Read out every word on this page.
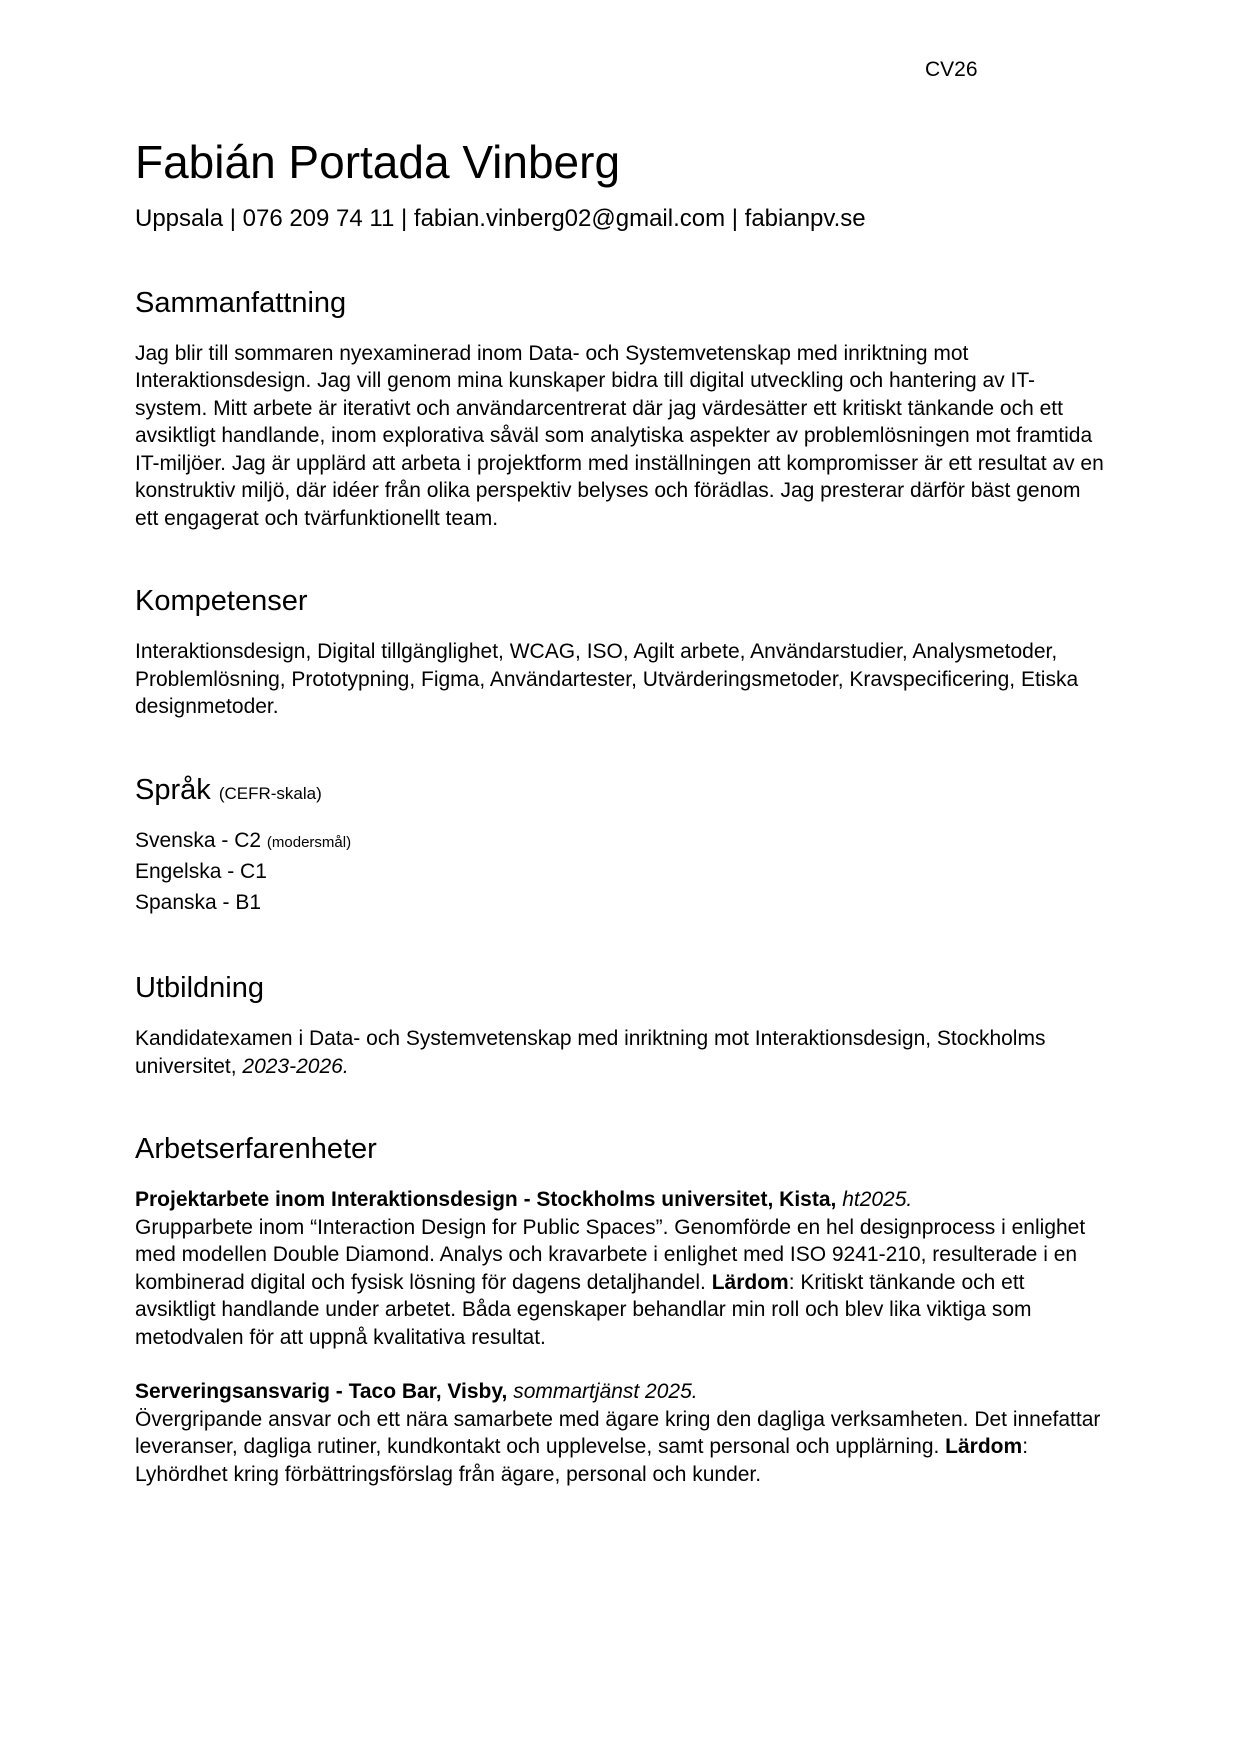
CV26
Fabián Portada Vinberg

Uppsala | 076 209 74 11 | fabian.vinberg02@gmail.com | fabianpv.se

Sammanfattning

Jag blir till sommaren nyexaminerad inom Data- och Systemvetenskap med inriktning mot Interaktionsdesign. Jag vill genom mina kunskaper bidra till digital utveckling och hantering av IT-system. Mitt arbete är iterativt och användarcentrerat där jag värdesätter ett kritiskt tänkande och ett avsiktligt handlande, inom explorativa såväl som analytiska aspekter av problemlösningen mot framtida IT-miljöer. Jag är upplärd att arbeta i projektform med inställningen att kompromisser är ett resultat av en konstruktiv miljö, där idéer från olika perspektiv belyses och förädlas. Jag presterar därför bäst genom ett engagerat och tvärfunktionellt team.

Kompetenser

Interaktionsdesign, Digital tillgänglighet, WCAG, ISO, Agilt arbete, Användarstudier, Analysmetoder, Problemlösning, Prototypning, Figma, Användartester, Utvärderingsmetoder, Kravspecificering, Etiska designmetoder.

Språk (CEFR-skala)

Svenska - C2 (modersmål)

Engelska - C1

Spanska - B1

Utbildning

Kandidatexamen i Data- och Systemvetenskap med inriktning mot Interaktionsdesign, Stockholms universitet, 2023-2026.

Arbetserfarenheter

Projektarbete inom Interaktionsdesign - Stockholms universitet, Kista, ht2025.

Grupparbete inom “Interaction Design for Public Spaces”. Genomförde en hel designprocess i enlighet med modellen Double Diamond. Analys och kravarbete i enlighet med ISO 9241-210, resulterade i en kombinerad digital och fysisk lösning för dagens detaljhandel. Lärdom: Kritiskt tänkande och ett avsiktligt handlande under arbetet. Båda egenskaper behandlar min roll och blev lika viktiga som metodvalen för att uppnå kvalitativa resultat.

Serveringsansvarig - Taco Bar, Visby, sommartjänst 2025.

Övergripande ansvar och ett nära samarbete med ägare kring den dagliga verksamheten. Det innefattar leveranser, dagliga rutiner, kundkontakt och upplevelse, samt personal och upplärning. Lärdom: Lyhördhet kring förbättringsförslag från ägare, personal och kunder.
